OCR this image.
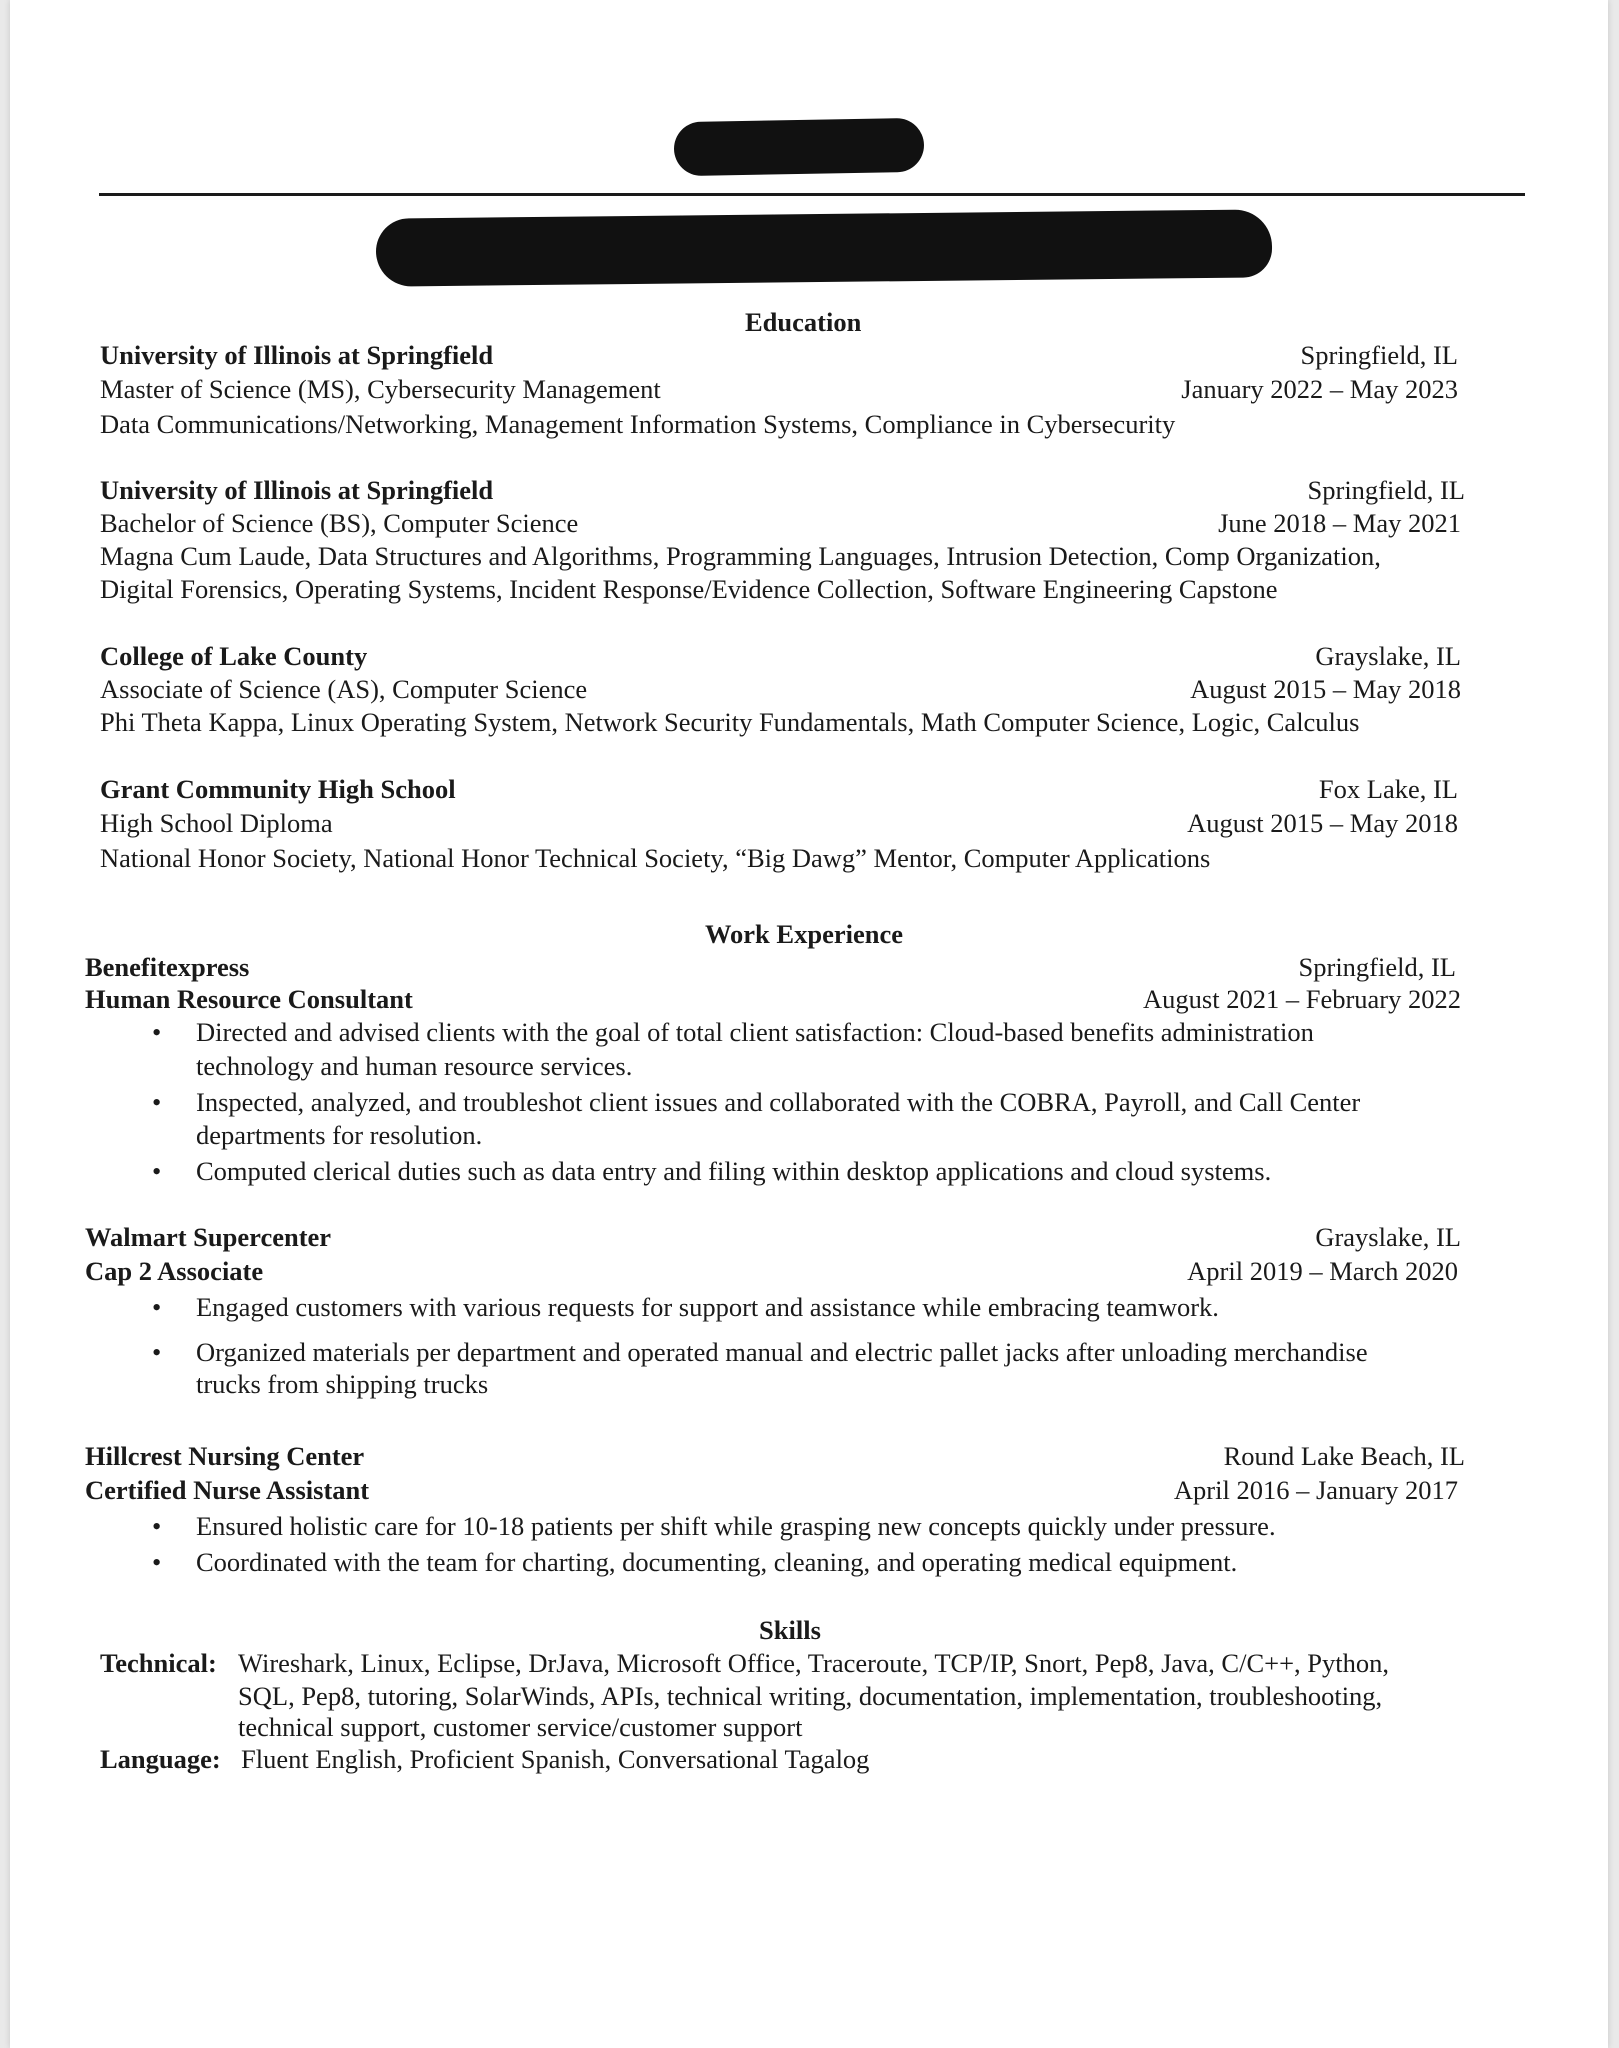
Education
University of Illinois at Springfield	Springfield, IL
Master of Science (MS), Cybersecurity Management	January 2022 – May 2023
Data Communications/Networking, Management Information Systems, Compliance in Cybersecurity
University of Illinois at Springfield	Springfield, IL
Bachelor of Science (BS), Computer Science	June 2018 – May 2021
Magna Cum Laude, Data Structures and Algorithms, Programming Languages, Intrusion Detection, Comp Organization,
Digital Forensics, Operating Systems, Incident Response/Evidence Collection, Software Engineering Capstone
College of Lake County	Grayslake, IL
Associate of Science (AS), Computer Science	August 2015 – May 2018
Phi Theta Kappa, Linux Operating System, Network Security Fundamentals, Math Computer Science, Logic, Calculus
Grant Community High School	Fox Lake, IL
High School Diploma	August 2015 – May 2018
National Honor Society, National Honor Technical Society, “Big Dawg” Mentor, Computer Applications
Work Experience
Benefitexpress	Springfield, IL
Human Resource Consultant	August 2021 – February 2022
•	Directed and advised clients with the goal of total client satisfaction: Cloud-based benefits administration
technology and human resource services.
•	Inspected, analyzed, and troubleshot client issues and collaborated with the COBRA, Payroll, and Call Center
departments for resolution.
•	Computed clerical duties such as data entry and filing within desktop applications and cloud systems.
Walmart Supercenter	Grayslake, IL
Cap 2 Associate	April 2019 – March 2020
•	Engaged customers with various requests for support and assistance while embracing teamwork.
•	Organized materials per department and operated manual and electric pallet jacks after unloading merchandise
trucks from shipping trucks
Hillcrest Nursing Center	Round Lake Beach, IL
Certified Nurse Assistant	April 2016 – January 2017
•	Ensured holistic care for 10-18 patients per shift while grasping new concepts quickly under pressure.
•	Coordinated with the team for charting, documenting, cleaning, and operating medical equipment.
Skills
Technical: Wireshark, Linux, Eclipse, DrJava, Microsoft Office, Traceroute, TCP/IP, Snort, Pep8, Java, C/C++, Python,
SQL, Pep8, tutoring, SolarWinds, APIs, technical writing, documentation, implementation, troubleshooting,
technical support, customer service/customer support
Language: Fluent English, Proficient Spanish, Conversational Tagalog
